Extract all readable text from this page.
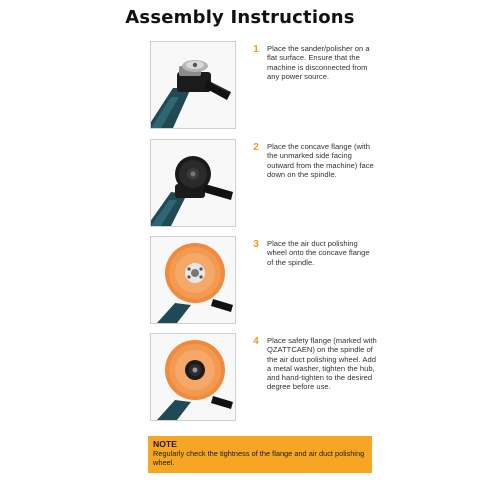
Assembly Instructions
1	Place the sander/polisher on a flat surface. Ensure that the machine is disconnected from any power source.
2	Place the concave flange (with the unmarked side facing outward from the machine) face down on the spindle.
3	Place the air duct polishing wheel onto the concave flange of the spindle.
4	Place safety flange (marked with QZATTCAEN) on the spindle of the air duct polishing wheel. Add a metal washer, tighten the hub, and hand-tighten to the desired degree before use.
NOTE
Regularly check the tightness of the flange and air duct polishing wheel.
